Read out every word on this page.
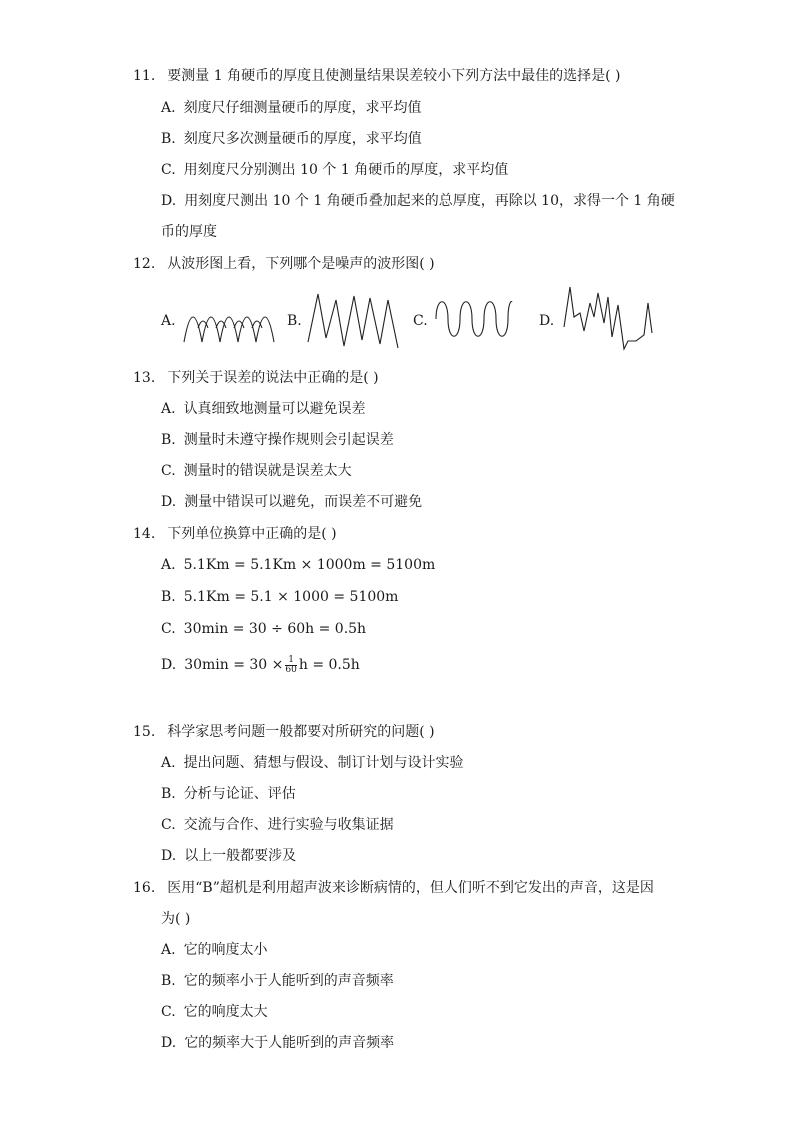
11. 要测量 1 角硬币的厚度且使测量结果误差较小下列方法中最佳的选择是( )
A. 刻度尺仔细测量硬币的厚度，求平均值
B. 刻度尺多次测量硬币的厚度，求平均值
C. 用刻度尺分别测出 10 个 1 角硬币的厚度，求平均值
D. 用刻度尺测出 10 个 1 角硬币叠加起来的总厚度，再除以 10，求得一个 1 角硬
币的厚度
12. 从波形图上看，下列哪个是噪声的波形图( )
A.	B.	C.	D.
13. 下列关于误差的说法中正确的是( )
A. 认真细致地测量可以避免误差
B. 测量时未遵守操作规则会引起误差
C. 测量时的错误就是误差太大
D. 测量中错误可以避免，而误差不可避免
14. 下列单位换算中正确的是( )
A. 5.1Km = 5.1Km × 1000m = 5100m
B. 5.1Km = 5.1 × 1000 = 5100m
C. 30min = 30 ÷ 60h = 0.5h
D. $30\min = 30 \times \frac{1}{60}$ h = 0.5h
15. 科学家思考问题一般都要对所研究的问题( )
A. 提出问题、猜想与假设、制订计划与设计实验
B. 分析与论证、评估
C. 交流与合作、进行实验与收集证据
D. 以上一般都要涉及
16. 医用“B”超机是利用超声波来诊断病情的，但人们听不到它发出的声音，这是因
为( )
A. 它的响度太小
B. 它的频率小于人能听到的声音频率
C. 它的响度太大
D. 它的频率大于人能听到的声音频率
